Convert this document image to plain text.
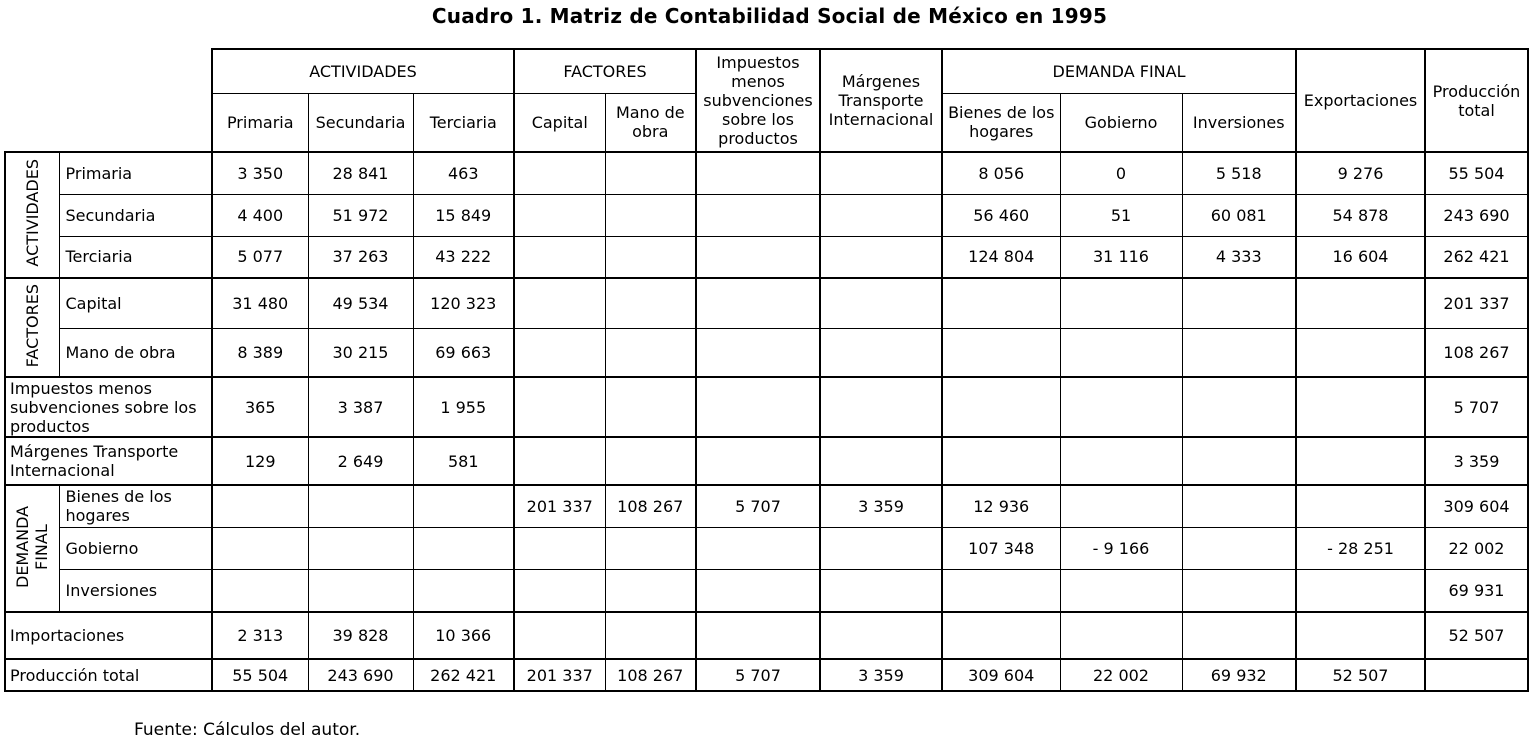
Cuadro 1. Matriz de Contabilidad Social de México en 1995
		ACTIVIDADES			FACTORES		Impuestos menos subvenciones sobre los productos	Márgenes Transporte Internacional	DEMANDA FINAL			Exportaciones	Producción total
		Primaria	Secundaria	Terciaria	Capital	Mano de obra			Bienes de los hogares	Gobierno	Inversiones		
ACTIVIDADES	Primaria	3 350	28 841	463					8 056	0	5 518	9 276	55 504
	Secundaria	4 400	51 972	15 849					56 460	51	60 081	54 878	243 690
	Terciaria	5 077	37 263	43 222					124 804	31 116	4 333	16 604	262 421
FACTORES	Capital	31 480	49 534	120 323									201 337
	Mano de obra	8 389	30 215	69 663									108 267
Impuestos menos subvenciones sobre los productos		365	3 387	1 955									5 707
Márgenes Transporte Internacional		129	2 649	581									3 359
DEMANDA FINAL	Bienes de los hogares				201 337	108 267	5 707	3 359	12 936				309 604
	Gobierno								107 348	- 9 166		- 28 251	22 002
	Inversiones												69 931
Importaciones		2 313	39 828	10 366									52 507
Producción total		55 504	243 690	262 421	201 337	108 267	5 707	3 359	309 604	22 002	69 932	52 507	
Fuente: Cálculos del autor.
